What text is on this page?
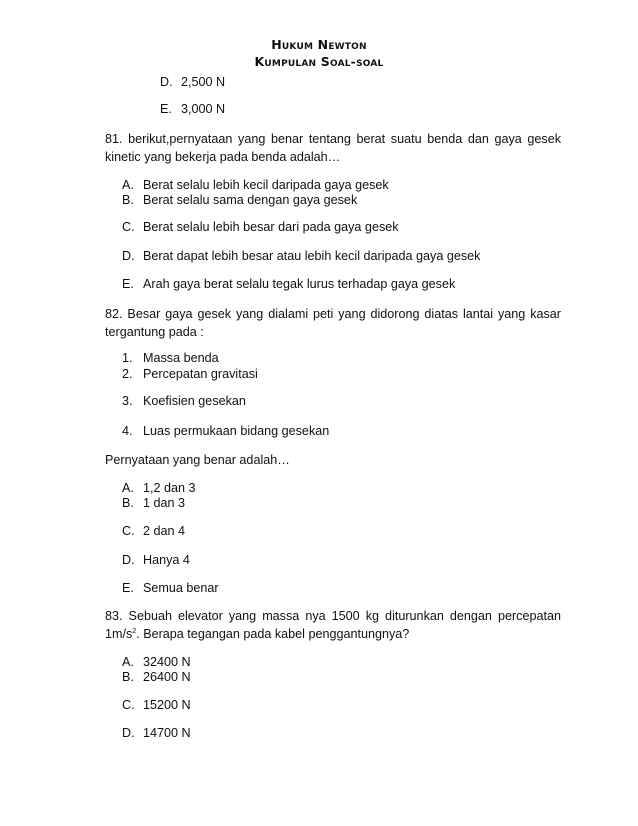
Hukum Newton
Kumpulan Soal-soal
D. 2,500 N
E. 3,000 N
81. berikut,pernyataan yang benar tentang berat suatu benda dan gaya gesek
kinetic yang bekerja pada benda adalah…
A. Berat selalu lebih kecil daripada gaya gesek
B. Berat selalu sama dengan gaya gesek
C. Berat selalu lebih besar dari pada gaya gesek
D. Berat dapat lebih besar atau lebih kecil daripada gaya gesek
E. Arah gaya berat selalu tegak lurus terhadap gaya gesek
82. Besar gaya gesek yang dialami peti yang didorong diatas lantai yang kasar
tergantung pada :
1. Massa benda
2. Percepatan gravitasi
3. Koefisien gesekan
4. Luas permukaan bidang gesekan
Pernyataan yang benar adalah…
A. 1,2 dan 3
B. 1 dan 3
C. 2 dan 4
D. Hanya 4
E. Semua benar
83. Sebuah elevator yang massa nya 1500 kg diturunkan dengan percepatan
$1m/s^2$. Berapa tegangan pada kabel penggantungnya?
A. 32400 N
B. 26400 N
C. 15200 N
D. 14700 N
